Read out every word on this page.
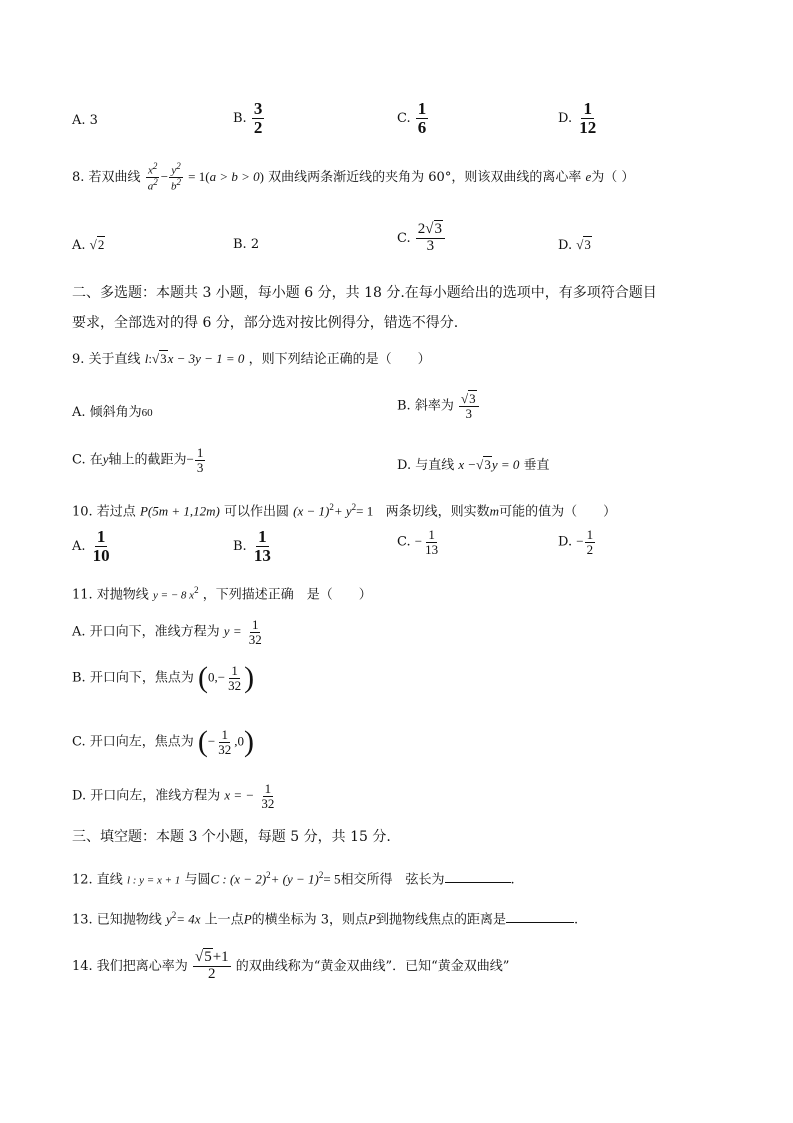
A. 3	B. $\frac{3}{2}$	C. $\frac{1}{6}$	D. $\frac{1}{12}$
8. 若双曲线 $\frac{x^2}{a^2} - \frac{y^2}{b^2} = 1(a > b > 0)$ 双曲线两条渐近线的夹角为 60°，则该双曲线的离心率 e为（ ）
A. √2	B. 2	C. $\frac{2√3}{3}$	D. √3
二、多选题：本题共 3 小题，每小题 6 分，共 18 分.在每小题给出的选项中，有多项符合题目
要求，全部选对的得 6 分，部分选对按比例得分，错选不得分.
9. 关于直线 l:√3x − 3y − 1 = 0 ，则下列结论正确的是（　　）
A. 倾斜角为60	B. 斜率为 $\frac{√3}{3}$
C. 在y轴上的截距为− $\frac{1}{3}$	D. 与直线 x −√3y = 0 垂直
10. 若过点 P(5m + 1,12m) 可以作出圆 $(x - 1)^2+ y^2= 1$ 两条切线，则实数m可能的值为（　　）
A. $\frac{1}{10}$	B. $\frac{1}{13}$	C. − $\frac{1}{13}$	D. − $\frac{1}{2}$
11. 对抛物线 y = − 8 $x^2$ ，下列描述正确　是（　　）
A. 开口向下，准线方程为 $y = \frac{1}{32}$
B. 开口向下，焦点为 ($0,- \frac{1}{32}$ )
C. 开口向左，焦点为 (− $\frac{1}{32} ,0$)
D. 开口向左，准线方程为 x = − $\frac{1}{32}$
三、填空题：本题 3 个小题，每题 5 分，共 15 分.
12. 直线 l : y = x + 1 与圆C : $(x - 2)^2+ (y - 1)^2= 5$相交所得　弦长为	.
13. 已知抛物线 $y^2= 4x$ 上一点P的横坐标为 3，则点P到抛物线焦点的距离是	.
14. 我们把离心率为 $\frac{√5+1}{2}$ 的双曲线称为“黄金双曲线”．已知“黄金双曲线”
